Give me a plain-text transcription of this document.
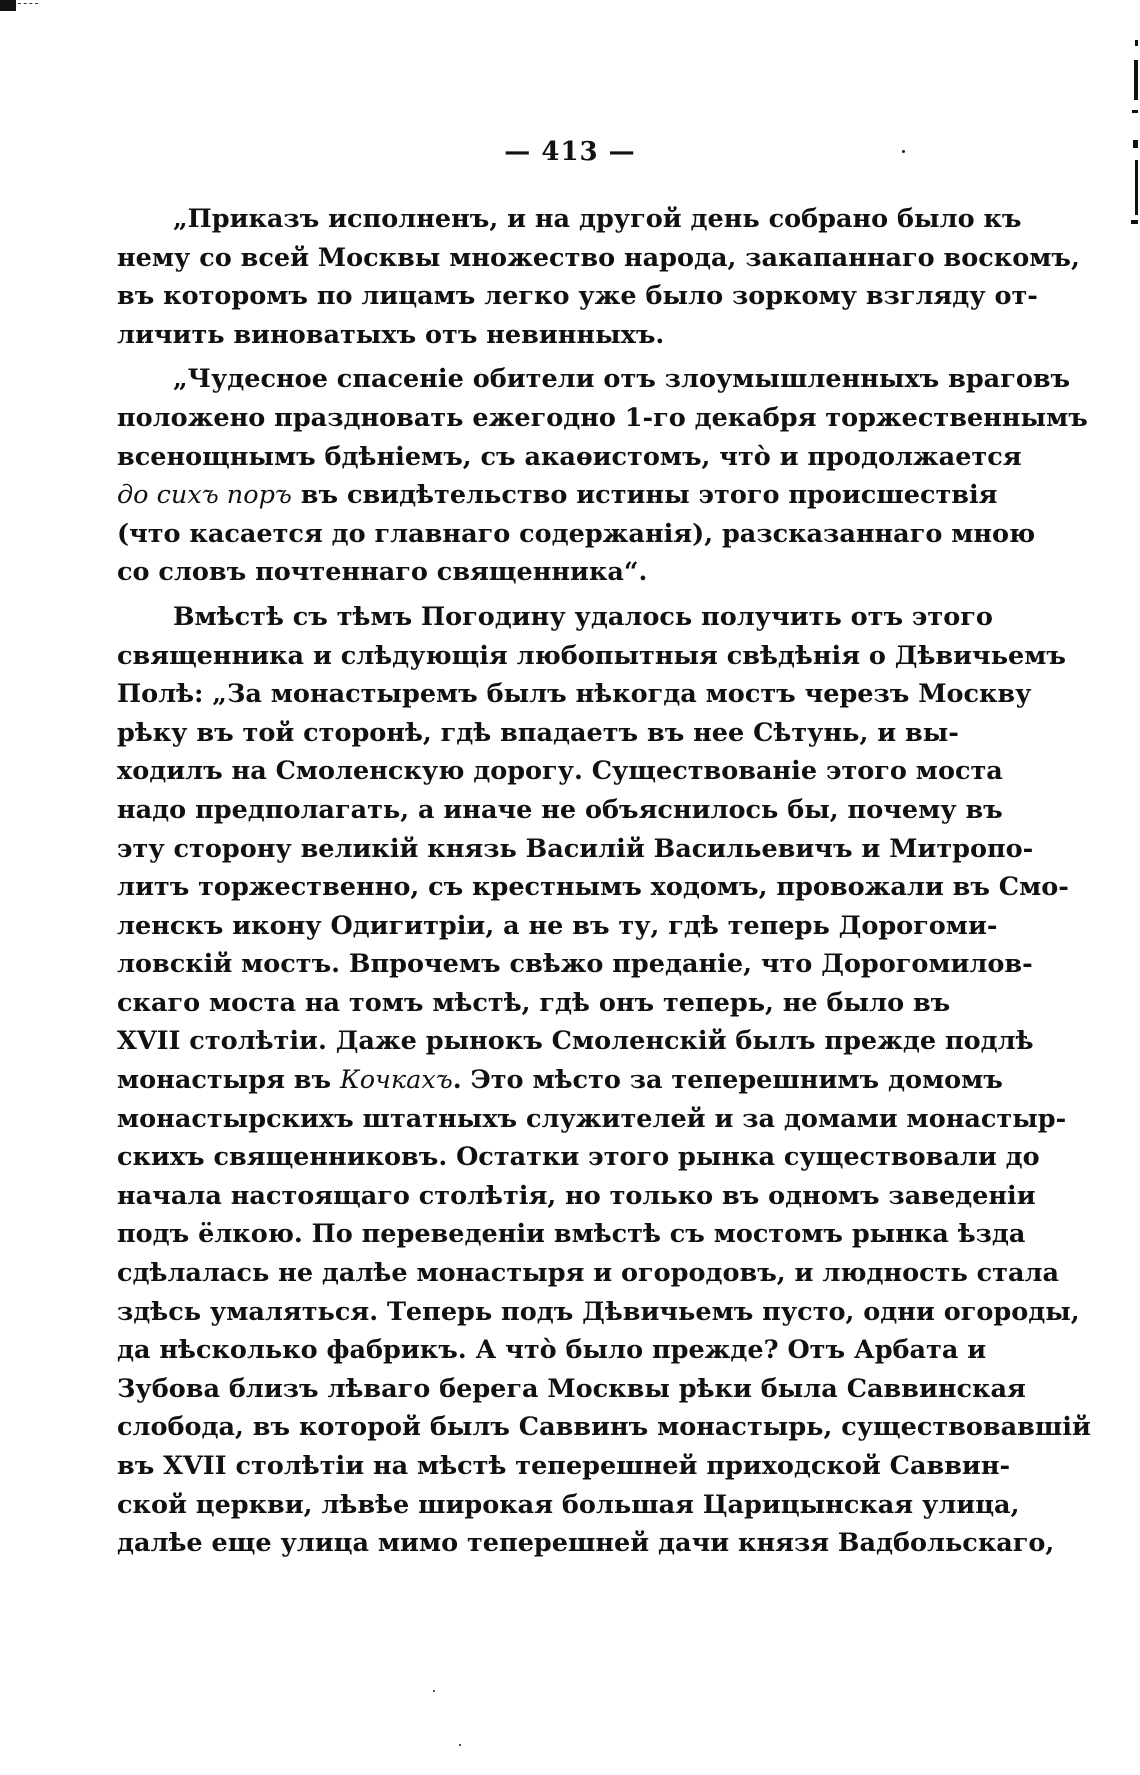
— 413 —
„Приказъ исполненъ, и на другой день собрано было къ
нему со всей Москвы множество народа, закапаннаго воскомъ,
въ которомъ по лицамъ легко уже было зоркому взгляду от-
личить виноватыхъ отъ невинныхъ.
„Чудесное спасеніе обители отъ злоумышленныхъ враговъ
положено праздновать ежегодно 1-го декабря торжественнымъ
всенощнымъ бдѣніемъ, съ акаѳистомъ, что̀ и продолжается
до сихъ поръ въ свидѣтельство истины этого происшествія
(что касается до главнаго содержанія), разсказаннаго мною
со словъ почтеннаго священника“.
Вмѣстѣ съ тѣмъ Погодину удалось получить отъ этого
священника и слѣдующія любопытныя свѣдѣнія о Дѣвичьемъ
Полѣ: „За монастыремъ былъ нѣкогда мостъ черезъ Москву
рѣку въ той сторонѣ, гдѣ впадаетъ въ нее Сѣтунь, и вы-
ходилъ на Смоленскую дорогу. Существованіе этого моста
надо предполагать, а иначе не объяснилось бы, почему въ
эту сторону великій князь Василій Васильевичъ и Митропо-
литъ торжественно, съ крестнымъ ходомъ, провожали въ Смо-
ленскъ икону Одигитріи, а не въ ту, гдѣ теперь Дорогоми-
ловскій мостъ. Впрочемъ свѣжо преданіе, что Дорогомилов-
скаго моста на томъ мѣстѣ, гдѣ онъ теперь, не было въ
XVII столѣтіи. Даже рынокъ Смоленскій былъ прежде подлѣ
монастыря въ Кочкахъ. Это мѣсто за теперешнимъ домомъ
монастырскихъ штатныхъ служителей и за домами монастыр-
скихъ священниковъ. Остатки этого рынка существовали до
начала настоящаго столѣтія, но только въ одномъ заведеніи
подъ ёлкою. По переведеніи вмѣстѣ съ мостомъ рынка ѣзда
сдѣлалась не далѣе монастыря и огородовъ, и людность стала
здѣсь умаляться. Теперь подъ Дѣвичьемъ пусто, одни огороды,
да нѣсколько фабрикъ. А что̀ было прежде? Отъ Арбата и
Зубова близъ лѣваго берега Москвы рѣки была Саввинская
слобода, въ которой былъ Саввинъ монастырь, существовавшій
въ XVII столѣтіи на мѣстѣ теперешней приходской Саввин-
ской церкви, лѣвѣе широкая большая Царицынская улица,
далѣе еще улица мимо теперешней дачи князя Вадбольскаго,
